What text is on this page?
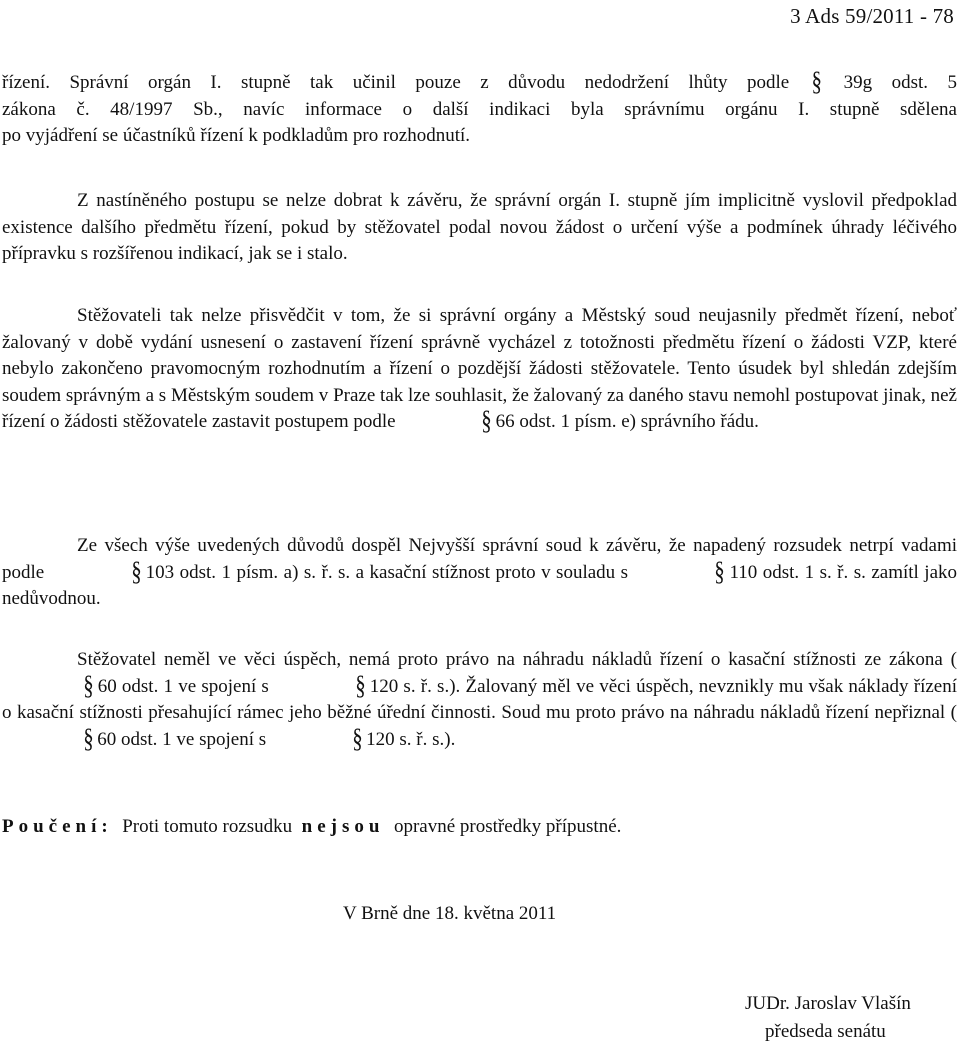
3 Ads 59/2011 - 78

řízení. Správní orgán I. stupně tak učinil pouze z důvodu nedodržení lhůty podle § 39g odst. 5

zákona č. 48/1997 Sb., navíc informace o další indikaci byla správnímu orgánu I. stupně sdělena

po vyjádření se účastníků řízení k podkladům pro rozhodnutí.

Z nastíněného postupu se nelze dobrat k závěru, že správní orgán I. stupně jím implicitně vyslovil předpoklad existence dalšího předmětu řízení, pokud by stěžovatel podal novou žádost o určení výše a podmínek úhrady léčivého přípravku s rozšířenou indikací, jak se i stalo.

Stěžovateli tak nelze přisvědčit v tom, že si správní orgány a Městský soud neujasnily předmět řízení, neboť žalovaný v době vydání usnesení o zastavení řízení správně vycházel z totožnosti předmětu řízení o žádosti VZP, které nebylo zakončeno pravomocným rozhodnutím a řízení o pozdější žádosti stěžovatele. Tento úsudek byl shledán zdejším soudem správným a s Městským soudem v Praze tak lze souhlasit, že žalovaný za daného stavu nemohl postupovat jinak, než řízení o žádosti stěžovatele zastavit postupem podle	§ 66 odst. 1 písm. e) správního řádu.

Ze všech výše uvedených důvodů dospěl Nejvyšší správní soud k závěru, že napadený rozsudek netrpí vadami podle	§ 103 odst. 1 písm. a) s. ř. s. a kasační stížnost proto v souladu s	§ 110 odst. 1 s. ř. s. zamítl jako nedůvodnou.

Stěžovatel neměl ve věci úspěch, nemá proto právo na náhradu nákladů řízení o kasační stížnosti ze zákona (§ 60 odst. 1 ve spojení s	§ 120 s. ř. s.). Žalovaný měl ve věci úspěch, nevznikly mu však náklady řízení o kasační stížnosti přesahující rámec jeho běžné úřední činnosti. Soud mu proto právo na náhradu nákladů řízení nepřiznal (§ 60 odst. 1 ve spojení s	§ 120 s. ř. s.).

Poučení: Proti tomuto rozsudku nejsou opravné prostředky přípustné.
V Brně dne 18. května 2011
JUDr. Jaroslav Vlašín
předseda senátu
